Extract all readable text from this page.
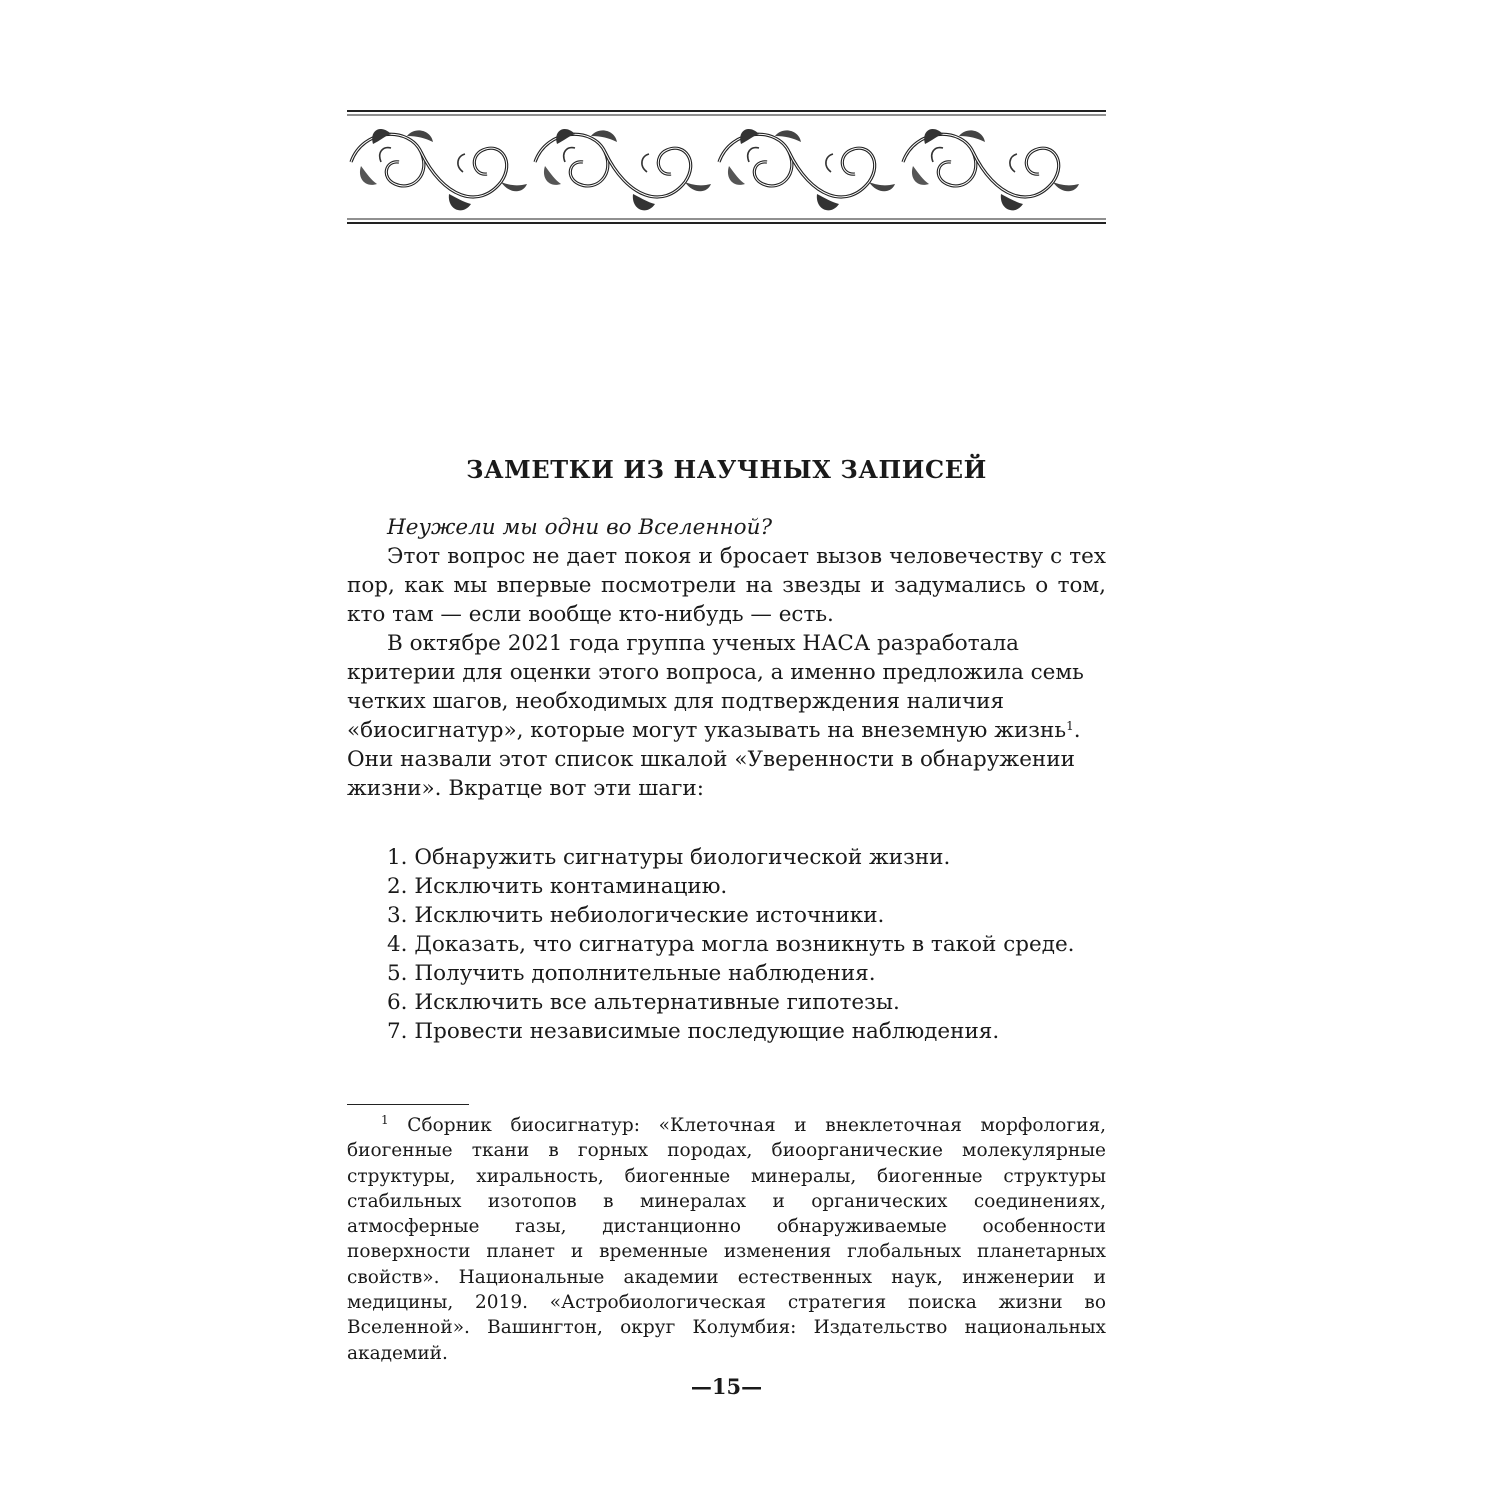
ЗАМЕТКИ ИЗ НАУЧНЫХ ЗАПИСЕЙ

Неужели мы одни во Вселенной?

Этот вопрос не дает покоя и бросает вызов человечеству с тех пор, как мы впервые посмотрели на звезды и задумались о том, кто там — если вообще кто-нибудь — есть.

В октябре 2021 года группа ученых НАСА разработала критерии для оценки этого вопроса, а именно предложила семь четких шагов, необходимых для подтверждения наличия «биосигнатур», которые могут указывать на внеземную жизнь$^1$. Они назвали этот список шкалой «Уверенности в обнаружении жизни». Вкратце вот эти шаги:

1. Обнаружить сигнатуры биологической жизни.
2. Исключить контаминацию.
3. Исключить небиологические источники.
4. Доказать, что сигнатура могла возникнуть в такой среде.
5. Получить дополнительные наблюдения.
6. Исключить все альтернативные гипотезы.
7. Провести независимые последующие наблюдения.

$^1$ Сборник биосигнатур: «Клеточная и внеклеточная морфология, биогенные ткани в горных породах, биоорганические молекулярные структуры, хиральность, биогенные минералы, биогенные структуры стабильных изотопов в минералах и органических соединениях, атмосферные газы, дистанционно обнаруживаемые особенности поверхности планет и временные изменения глобальных планетарных свойств». Национальные академии естественных наук, инженерии и медицины, 2019. «Астробиологическая стратегия поиска жизни во Вселенной». Вашингтон, округ Колумбия: Издательство национальных академий.

—15—
